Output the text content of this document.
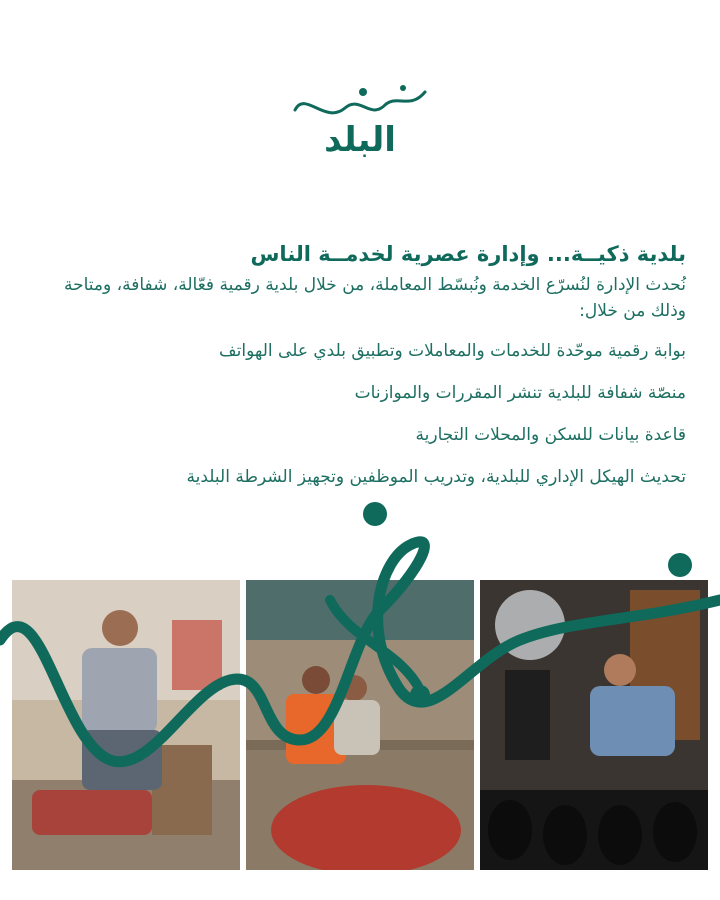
البلد
بلدية ذكيــة... وإدارة عصرية لخدمــة الناس

نُحدث الإدارة لنُسرّع الخدمة ونُبسّط المعاملة، من خلال بلدية رقمية فعّالة، شفافة، ومتاحة وذلك من خلال:

بوابة رقمية موحّدة للخدمات والمعاملات وتطبيق بلدي على الهواتف
منصّة شفافة للبلدية تنشر المقررات والموازنات
قاعدة بيانات للسكن والمحلات التجارية
تحديث الهيكل الإداري للبلدية، وتدريب الموظفين وتجهيز الشرطة البلدية
